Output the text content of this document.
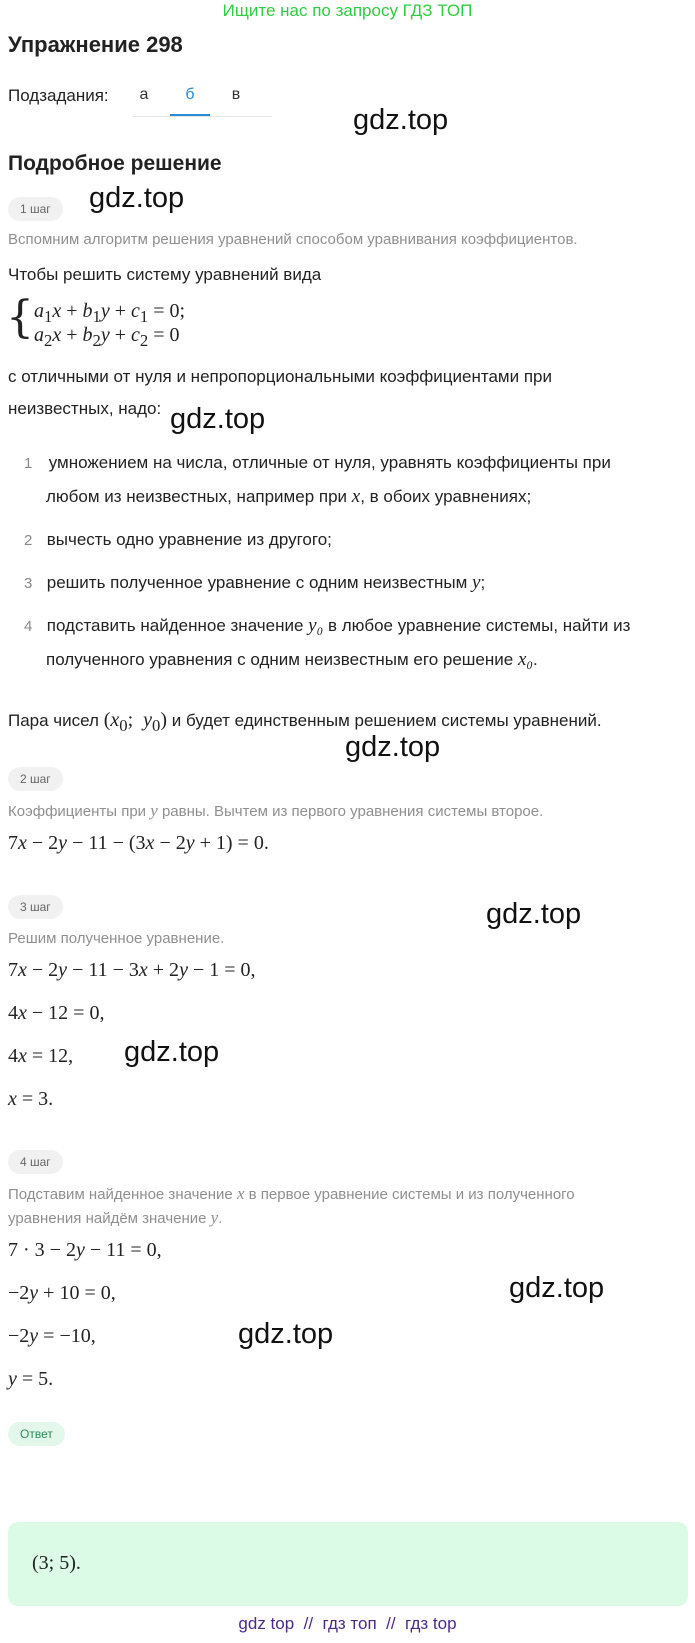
Ищите нас по запросу ГДЗ ТОП
Упражнение 298
Подзадания:	а	б	в
gdz.top
Подробное решение
1 шаг	gdz.top
Вспомним алгоритм решения уравнений способом уравнивания коэффициентов.
Чтобы решить систему уравнений вида
{ $a_1x + b_1y + c_1 = 0$;
$a_2x + b_2y + c_2 = 0$
с отличными от нуля и непропорциональными коэффициентами при
неизвестных, надо: gdz.top
1 умножением на числа, отличные от нуля, уравнять коэффициенты при
любом из неизвестных, например при x, в обоих уравнениях;
2 вычесть одно уравнение из другого;
3 решить полученное уравнение с одним неизвестным y;
4 подставить найденное значение y₀ в любое уравнение системы, найти из
полученного уравнения с одним неизвестным его решение x₀.
Пара чисел ($x_0$;  $y_0$) и будет единственным решением системы уравнений.
gdz.top
2 шаг
Коэффициенты при y равны. Вычтем из первого уравнения системы второе.
7x − 2y − 11 − (3x − 2y + 1) = 0.
3 шаг	gdz.top
Решим полученное уравнение.
7x − 2y − 11 − 3x + 2y − 1 = 0,
4x − 12 = 0,
4x = 12, gdz.top
x = 3.
4 шаг
Подставим найденное значение x в первое уравнение системы и из полученного
уравнения найдём значение y.
7 · 3 − 2y − 11 = 0,
−2y + 10 = 0,	gdz.top
−2y = −10,	gdz.top
y = 5.
Ответ
(3; 5).
gdz top // гдз топ // гдз top
